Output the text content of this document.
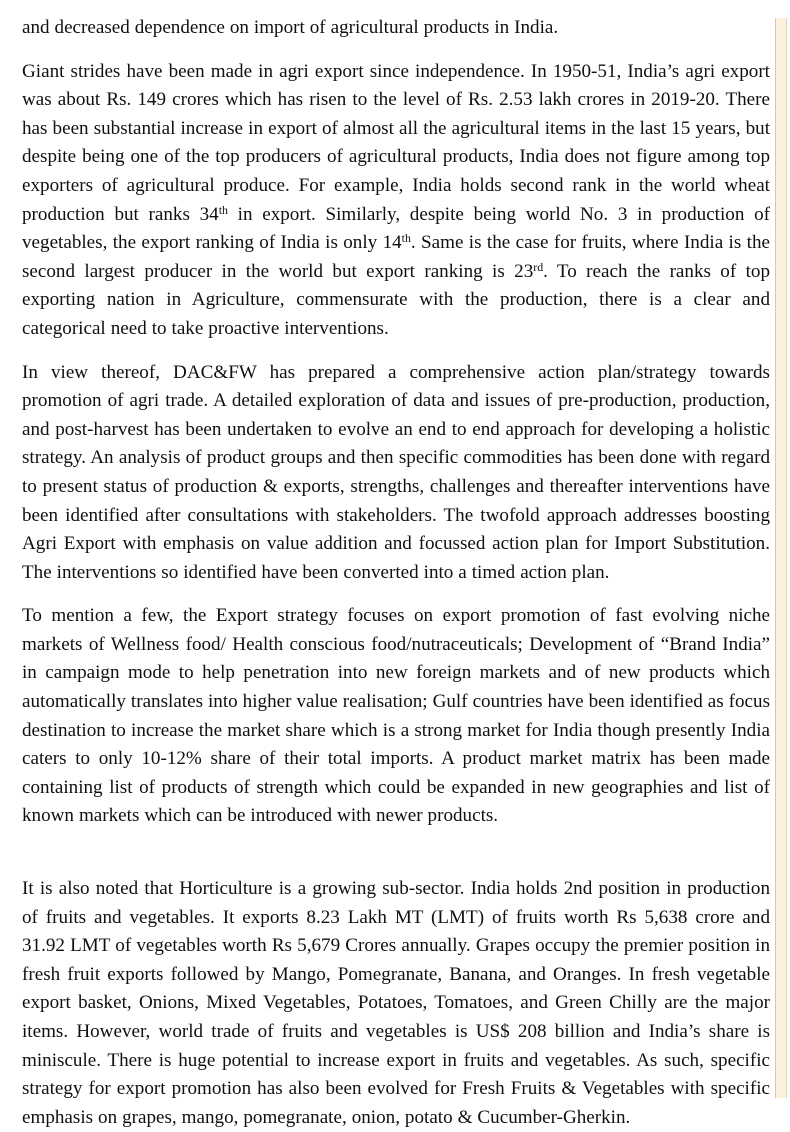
and decreased dependence on import of agricultural products in India.

Giant strides have been made in agri export since independence. In 1950-51, India’s agri export was about Rs. 149 crores which has risen to the level of Rs. 2.53 lakh crores in 2019-20. There has been substantial increase in export of almost all the agricultural items in the last 15 years, but despite being one of the top producers of agricultural products, India does not figure among top exporters of agricultural produce. For example, India holds second rank in the world wheat production but ranks 34th in export. Similarly, despite being world No. 3 in production of vegetables, the export ranking of India is only 14th. Same is the case for fruits, where India is the second largest producer in the world but export ranking is 23rd. To reach the ranks of top exporting nation in Agriculture, commensurate with the production, there is a clear and categorical need to take proactive interventions.

In view thereof, DAC&FW has prepared a comprehensive action plan/strategy towards promotion of agri trade. A detailed exploration of data and issues of pre-production, production, and post-harvest has been undertaken to evolve an end to end approach for developing a holistic strategy. An analysis of product groups and then specific commodities has been done with regard to present status of production & exports, strengths, challenges and thereafter interventions have been identified after consultations with stakeholders. The twofold approach addresses boosting Agri Export with emphasis on value addition and focussed action plan for Import Substitution. The interventions so identified have been converted into a timed action plan.

To mention a few, the Export strategy focuses on export promotion of fast evolving niche markets of Wellness food/ Health conscious food/nutraceuticals; Development of “Brand India” in campaign mode to help penetration into new foreign markets and of new products which automatically translates into higher value realisation; Gulf countries have been identified as focus destination to increase the market share which is a strong market for India though presently India caters to only 10-12% share of their total imports. A product market matrix has been made containing list of products of strength which could be expanded in new geographies and list of known markets which can be introduced with newer products.

It is also noted that Horticulture is a growing sub-sector. India holds 2nd position in production of fruits and vegetables. It exports 8.23 Lakh MT (LMT) of fruits worth Rs 5,638 crore and 31.92 LMT of vegetables worth Rs 5,679 Crores annually. Grapes occupy the premier position in fresh fruit exports followed by Mango, Pomegranate, Banana, and Oranges. In fresh vegetable export basket, Onions, Mixed Vegetables, Potatoes, Tomatoes, and Green Chilly are the major items. However, world trade of fruits and vegetables is US$ 208 billion and India’s share is miniscule. There is huge potential to increase export in fruits and vegetables. As such, specific strategy for export promotion has also been evolved for Fresh Fruits & Vegetables with specific emphasis on grapes, mango, pomegranate, onion, potato & Cucumber-Gherkin.
